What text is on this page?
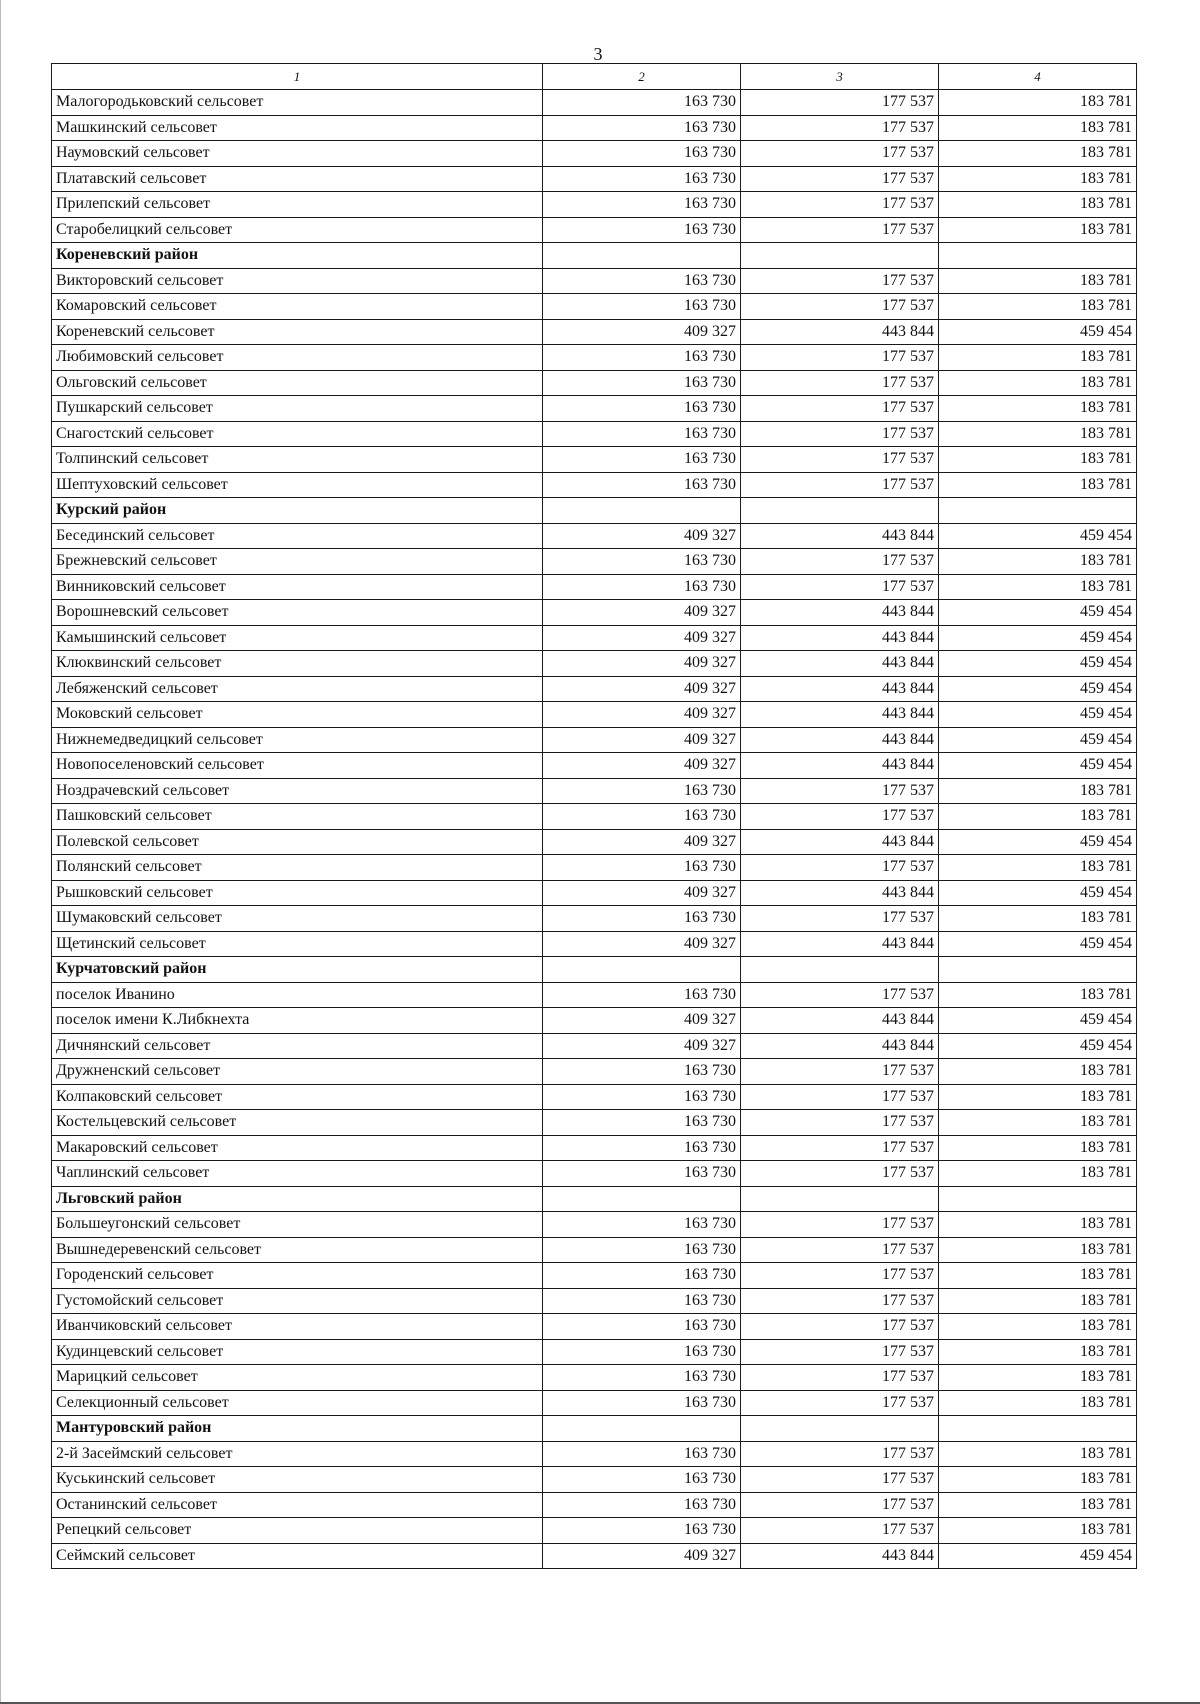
3
1	2	3	4
Малогородьковский сельсовет	163 730	177 537	183 781
Машкинский сельсовет	163 730	177 537	183 781
Наумовский сельсовет	163 730	177 537	183 781
Платавский сельсовет	163 730	177 537	183 781
Прилепский сельсовет	163 730	177 537	183 781
Старобелицкий сельсовет	163 730	177 537	183 781
Кореневский район			
Викторовский сельсовет	163 730	177 537	183 781
Комаровский сельсовет	163 730	177 537	183 781
Кореневский сельсовет	409 327	443 844	459 454
Любимовский сельсовет	163 730	177 537	183 781
Ольговский сельсовет	163 730	177 537	183 781
Пушкарский сельсовет	163 730	177 537	183 781
Снагостский сельсовет	163 730	177 537	183 781
Толпинский сельсовет	163 730	177 537	183 781
Шептуховский сельсовет	163 730	177 537	183 781
Курский район			
Бесединский сельсовет	409 327	443 844	459 454
Брежневский сельсовет	163 730	177 537	183 781
Винниковский сельсовет	163 730	177 537	183 781
Ворошневский сельсовет	409 327	443 844	459 454
Камышинский сельсовет	409 327	443 844	459 454
Клюквинский сельсовет	409 327	443 844	459 454
Лебяженский сельсовет	409 327	443 844	459 454
Моковский сельсовет	409 327	443 844	459 454
Нижнемедведицкий сельсовет	409 327	443 844	459 454
Новопоселеновский сельсовет	409 327	443 844	459 454
Ноздрачевский сельсовет	163 730	177 537	183 781
Пашковский сельсовет	163 730	177 537	183 781
Полевской сельсовет	409 327	443 844	459 454
Полянский сельсовет	163 730	177 537	183 781
Рышковский сельсовет	409 327	443 844	459 454
Шумаковский сельсовет	163 730	177 537	183 781
Щетинский сельсовет	409 327	443 844	459 454
Курчатовский район			
поселок Иванино	163 730	177 537	183 781
поселок имени К.Либкнехта	409 327	443 844	459 454
Дичнянский сельсовет	409 327	443 844	459 454
Дружненский сельсовет	163 730	177 537	183 781
Колпаковский сельсовет	163 730	177 537	183 781
Костельцевский сельсовет	163 730	177 537	183 781
Макаровский сельсовет	163 730	177 537	183 781
Чаплинский сельсовет	163 730	177 537	183 781
Льговский район			
Большеугонский сельсовет	163 730	177 537	183 781
Вышнедеревенский сельсовет	163 730	177 537	183 781
Городенский сельсовет	163 730	177 537	183 781
Густомойский сельсовет	163 730	177 537	183 781
Иванчиковский сельсовет	163 730	177 537	183 781
Кудинцевский сельсовет	163 730	177 537	183 781
Марицкий сельсовет	163 730	177 537	183 781
Селекционный сельсовет	163 730	177 537	183 781
Мантуровский район			
2-й Засеймский сельсовет	163 730	177 537	183 781
Куськинский сельсовет	163 730	177 537	183 781
Останинский сельсовет	163 730	177 537	183 781
Репецкий сельсовет	163 730	177 537	183 781
Сеймский сельсовет	409 327	443 844	459 454
